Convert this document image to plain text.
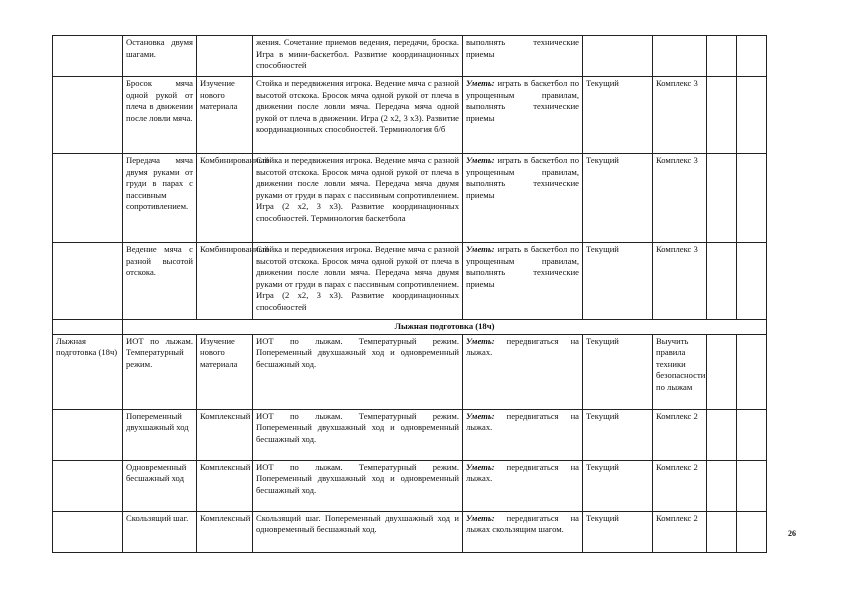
	Остановка двумя шагами.		жения. Сочетание приемов ведения, передачи, броска. Игра в мини-баскетбол. Развитие координационных способностей	выполнять технические приемы				
	Бросок мяча одной рукой от плеча в движении после ловли мяча.	Изучение нового материала	Стойка и передвижения игрока. Ведение мяча с разной высотой отскока. Бросок мяча одной рукой от плеча в движении после ловли мяча. Передача мяча одной рукой от плеча в движении. Игра (2 х2, 3 х3). Развитие координационных способностей. Терминология б/б	Уметь: играть в баскетбол по упрощенным правилам, выполнять технические приемы	Текущий	Комплекс 3		
	Передача мяча двумя руками от груди в парах с пассивным сопротивлением.	Комбинированный	Стойка и передвижения игрока. Ведение мяча с разной высотой отскока. Бросок мяча одной рукой от плеча в движении после ловли мяча. Передача мяча двумя руками от груди в парах с пассивным сопротивлением. Игра (2 х2, 3 х3). Развитие координационных способностей. Терминология баскетбола	Уметь: играть в баскетбол по упрощенным правилам, выполнять технические приемы	Текущий	Комплекс 3		
	Ведение мяча с разной высотой отскока.	Комбинированный	Стойка и передвижения игрока. Ведение мяча с разной высотой отскока. Бросок мяча одной рукой от плеча в движении после ловли мяча. Передача мяча двумя руками от груди в парах с пассивным сопротивлением. Игра (2 х2, 3 х3). Развитие координационных способностей	Уметь: играть в баскетбол по упрощенным правилам, выполнять технические приемы	Текущий	Комплекс 3		
	Лыжная подготовка (18ч)							
Лыжная подготовка (18ч)	ИОТ по лыжам. Температурный режим.	Изучение нового материала	ИОТ по лыжам. Температурный режим. Попеременный двухшажный ход и одновременный бесшажный ход.	Уметь: передвигаться на лыжах.	Текущий	Выучить правила техники безопасности по лыжам		
	Попеременный двухшажный ход	Комплексный	ИОТ по лыжам. Температурный режим. Попеременный двухшажный ход и одновременный бесшажный ход.	Уметь: передвигаться на лыжах.	Текущий	Комплекс 2		
	Одновременный бесшажный ход	Комплексный	ИОТ по лыжам. Температурный режим. Попеременный двухшажный ход и одновременный бесшажный ход.	Уметь: передвигаться на лыжах.	Текущий	Комплекс 2		
	Скользящий шаг.	Комплексный	Скользящий шаг. Попеременный двухшажный ход и одновременный бесшажный ход.	Уметь: передвигаться на лыжах скользящим шагом.	Текущий	Комплекс 2		
26
